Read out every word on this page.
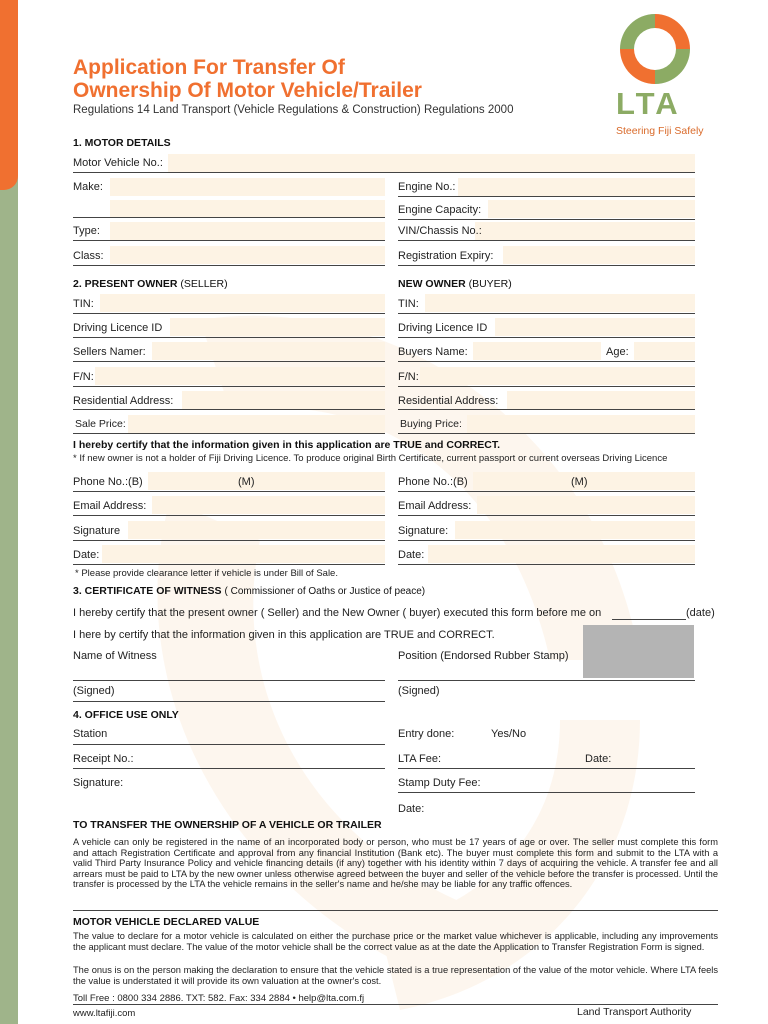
Application For Transfer Of
Ownership Of Motor Vehicle/Trailer
Regulations 14 Land Transport (Vehicle Regulations & Construction) Regulations 2000	LTA
Steering Fiji Safely
1. MOTOR DETAILS
Motor Vehicle No.:
Make:	Engine No.:
Engine Capacity:
Type:	VIN/Chassis No.:
Class:	Registration Expiry:
2. PRESENT OWNER (SELLER)	NEW OWNER (BUYER)
TIN:	TIN:
Driving Licence ID	Driving Licence ID
Sellers Namer:	Buyers Name:	Age:
F/N:	F/N:
Residential Address:	Residential Address:
Sale Price:	Buying Price:
I hereby certify that the information given in this application are TRUE and CORRECT.
* If new owner is not a holder of Fiji Driving Licence. To produce original Birth Certificate, current passport or current overseas Driving Licence
Phone No.:(B)	(M)	Phone No.:(B)	(M)
Email Address:	Email Address:
Signature	Signature:
Date:	Date:
* Please provide clearance letter if vehicle is under Bill of Sale.
3. CERTIFICATE OF WITNESS ( Commissioner of Oaths or Justice of peace)
I hereby certify that the present owner ( Seller) and the New Owner ( buyer) executed this form before me on	(date)
I here by certify that the information given in this application are TRUE and CORRECT.
Name of Witness	Position (Endorsed Rubber Stamp)
(Signed)	(Signed)
4. OFFICE USE ONLY
Station	Entry done:	Yes/No
Receipt No.:	LTA Fee:	Date:
Signature:	Stamp Duty Fee:
Date:
TO TRANSFER THE OWNERSHIP OF A VEHICLE OR TRAILER
A vehicle can only be registered in the name of an incorporated body or person, who must be 17 years of age or over. The seller must complete this form and attach Registration Certificate and approval from any financial Institution (Bank etc). The buyer must complete this form and submit to the LTA with a valid Third Party Insurance Policy and vehicle financing details (if any) together with his identity within 7 days of acquiring the vehicle. A transfer fee and all arrears must be paid to LTA by the new owner unless otherwise agreed between the buyer and seller of the vehicle before the transfer is processed. Until the transfer is processed by the LTA the vehicle remains in the seller's name and he/she may be liable for any traffic offences.
MOTOR VEHICLE DECLARED VALUE
The value to declare for a motor vehicle is calculated on either the purchase price or the market value whichever is applicable, including any improvements the applicant must declare. The value of the motor vehicle shall be the correct value as at the date the Application to Transfer Registration Form is signed.
The onus is on the person making the declaration to ensure that the vehicle stated is a true representation of the value of the motor vehicle. Where LTA feels the value is understated it will provide its own valuation at the owner's cost.
Toll Free : 0800 334 2886. TXT: 582. Fax: 334 2884 • help@lta.com.fj
www.ltafiji.com	Land Transport Authority
